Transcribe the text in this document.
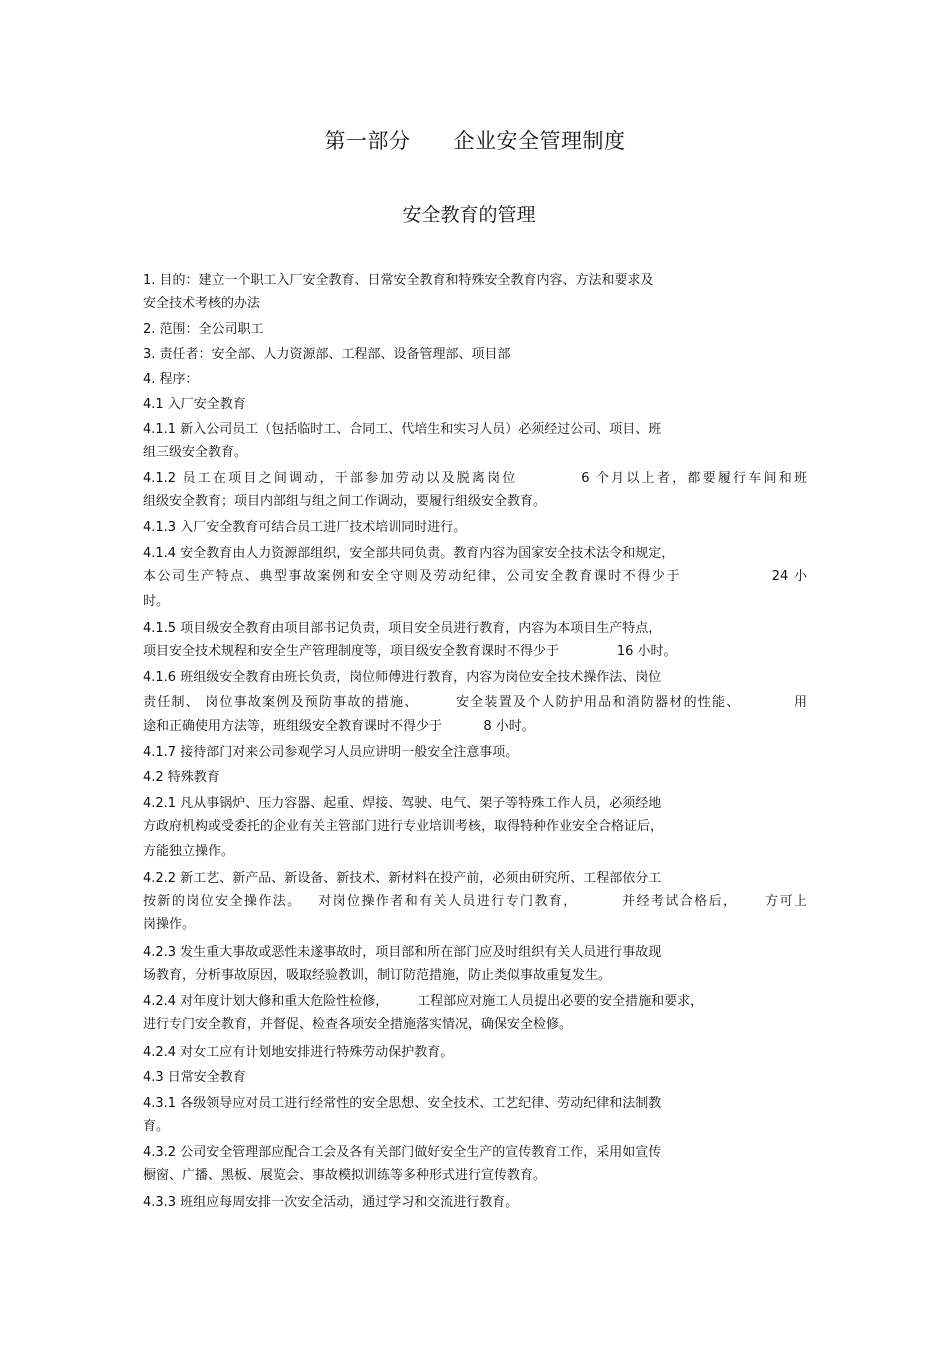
第一部分      企业安全管理制度
安全教育的管理
1. 目的：建立一个职工入厂安全教育、日常安全教育和特殊安全教育内容、方法和要求及
安全技术考核的办法
2. 范围：全公司职工
3. 责任者：安全部、人力资源部、工程部、设备管理部、项目部
4. 程序：
4.1 入厂安全教育
4.1.1 新入公司员工（包括临时工、合同工、代培生和实习人员）必须经过公司、项目、班
组三级安全教育。
4.1.2 员工在项目之间调动，干部参加劳动以及脱离岗位          6 个月以上者，都要履行车间和班
组级安全教育；项目内部组与组之间工作调动，要履行组级安全教育。
4.1.3 入厂安全教育可结合员工进厂技术培训同时进行。
4.1.4 安全教育由人力资源部组织，安全部共同负责。教育内容为国家安全技术法令和规定，
本公司生产特点、典型事故案例和安全守则及劳动纪律，公司安全教育课时不得少于                24 小
时。
4.1.5 项目级安全教育由项目部书记负责，项目安全员进行教育，内容为本项目生产特点，
项目安全技术规程和安全生产管理制度等，项目级安全教育课时不得少于              16 小时。
4.1.6 班组级安全教育由班长负责，岗位师傅进行教育，内容为岗位安全技术操作法、岗位
责任制、 岗位事故案例及预防事故的措施、       安全装置及个人防护用品和消防器材的性能、          用
途和正确使用方法等，班组级安全教育课时不得少于          8 小时。
4.1.7 接待部门对来公司参观学习人员应讲明一般安全注意事项。
4.2 特殊教育
4.2.1 凡从事锅炉、压力容器、起重、焊接、驾驶、电气、架子等特殊工作人员，必须经地
方政府机构或受委托的企业有关主管部门进行专业培训考核，取得特种作业安全合格证后，
方能独立操作。
4.2.2 新工艺、新产品、新设备、新技术、新材料在投产前，必须由研究所、工程部依分工
按新的岗位安全操作法。   对岗位操作者和有关人员进行专门教育，        并经考试合格后，     方可上
岗操作。
4.2.3 发生重大事故或恶性未遂事故时，项目部和所在部门应及时组织有关人员进行事故现
场教育，分析事故原因，吸取经验教训，制订防范措施，防止类似事故重复发生。
4.2.4 对年度计划大修和重大危险性检修，       工程部应对施工人员提出必要的安全措施和要求，
进行专门安全教育，并督促、检查各项安全措施落实情况，确保安全检修。
4.2.4 对女工应有计划地安排进行特殊劳动保护教育。
4.3 日常安全教育
4.3.1 各级领导应对员工进行经常性的安全思想、安全技术、工艺纪律、劳动纪律和法制教
育。
4.3.2 公司安全管理部应配合工会及各有关部门做好安全生产的宣传教育工作，采用如宣传
橱窗、广播、黑板、展览会、事故模拟训练等多种形式进行宣传教育。
4.3.3 班组应每周安排一次安全活动，通过学习和交流进行教育。
